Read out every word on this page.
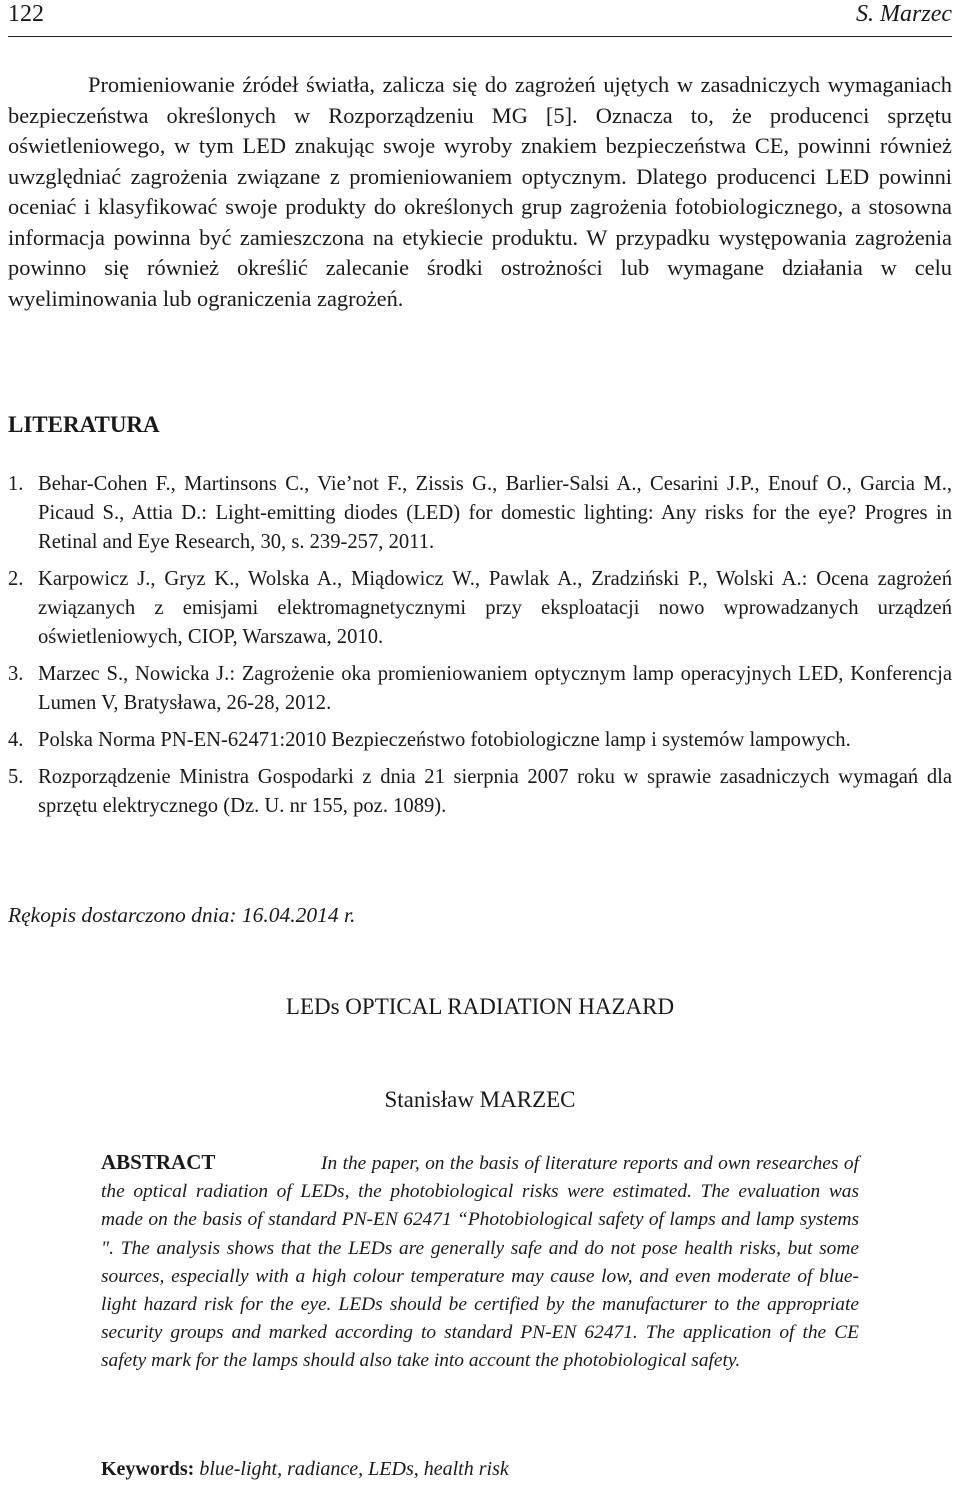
122	S. Marzec

Promieniowanie źródeł światła, zalicza się do zagrożeń ujętych w zasadniczych wymaganiach bezpieczeństwa określonych w Rozporządzeniu MG [5]. Oznacza to, że producenci sprzętu oświetleniowego, w tym LED znakując swoje wyroby znakiem bezpieczeństwa CE, powinni również uwzględniać zagrożenia związane z promieniowaniem optycznym. Dlatego producenci LED powinni oceniać i klasyfikować swoje produkty do określonych grup zagrożenia fotobiologicznego, a stosowna informacja powinna być zamieszczona na etykiecie produktu. W przypadku występowania zagrożenia powinno się również określić zalecanie środki ostrożności lub wymagane działania w celu wyeliminowania lub ograniczenia zagrożeń.

LITERATURA
1. Behar-Cohen F., Martinsons C., Vie’not F., Zissis G., Barlier-Salsi A., Cesarini J.P., Enouf O., Garcia M., Picaud S., Attia D.: Light-emitting diodes (LED) for domestic lighting: Any risks for the eye? Progres in Retinal and Eye Research, 30, s. 239-257, 2011.
2. Karpowicz J., Gryz K., Wolska A., Miądowicz W., Pawlak A., Zradziński P., Wolski A.: Ocena zagrożeń związanych z emisjami elektromagnetycznymi przy eksploatacji nowo wprowadzanych urządzeń oświetleniowych, CIOP, Warszawa, 2010.
3. Marzec S., Nowicka J.: Zagrożenie oka promieniowaniem optycznym lamp operacyjnych LED, Konferencja Lumen V, Bratysława, 26-28, 2012.
4. Polska Norma PN-EN-62471:2010 Bezpieczeństwo fotobiologiczne lamp i systemów lampowych.
5. Rozporządzenie Ministra Gospodarki z dnia 21 sierpnia 2007 roku w sprawie zasadniczych wymagań dla sprzętu elektrycznego (Dz. U. nr 155, poz. 1089).

Rękopis dostarczono dnia: 16.04.2014 r.

LEDs OPTICAL RADIATION HAZARD

Stanisław MARZEC

ABSTRACT	In the paper, on the basis of literature reports and own researches of the optical radiation of LEDs, the photobiological risks were estimated. The evaluation was made on the basis of standard PN-EN 62471 “Photobiological safety of lamps and lamp systems ". The analysis shows that the LEDs are generally safe and do not pose health risks, but some sources, especially with a high colour temperature may cause low, and even moderate of blue-light hazard risk for the eye. LEDs should be certified by the manufacturer to the appropriate security groups and marked according to standard PN-EN 62471. The application of the CE safety mark for the lamps should also take into account the photobiological safety.

Keywords: blue-light, radiance, LEDs, health risk
